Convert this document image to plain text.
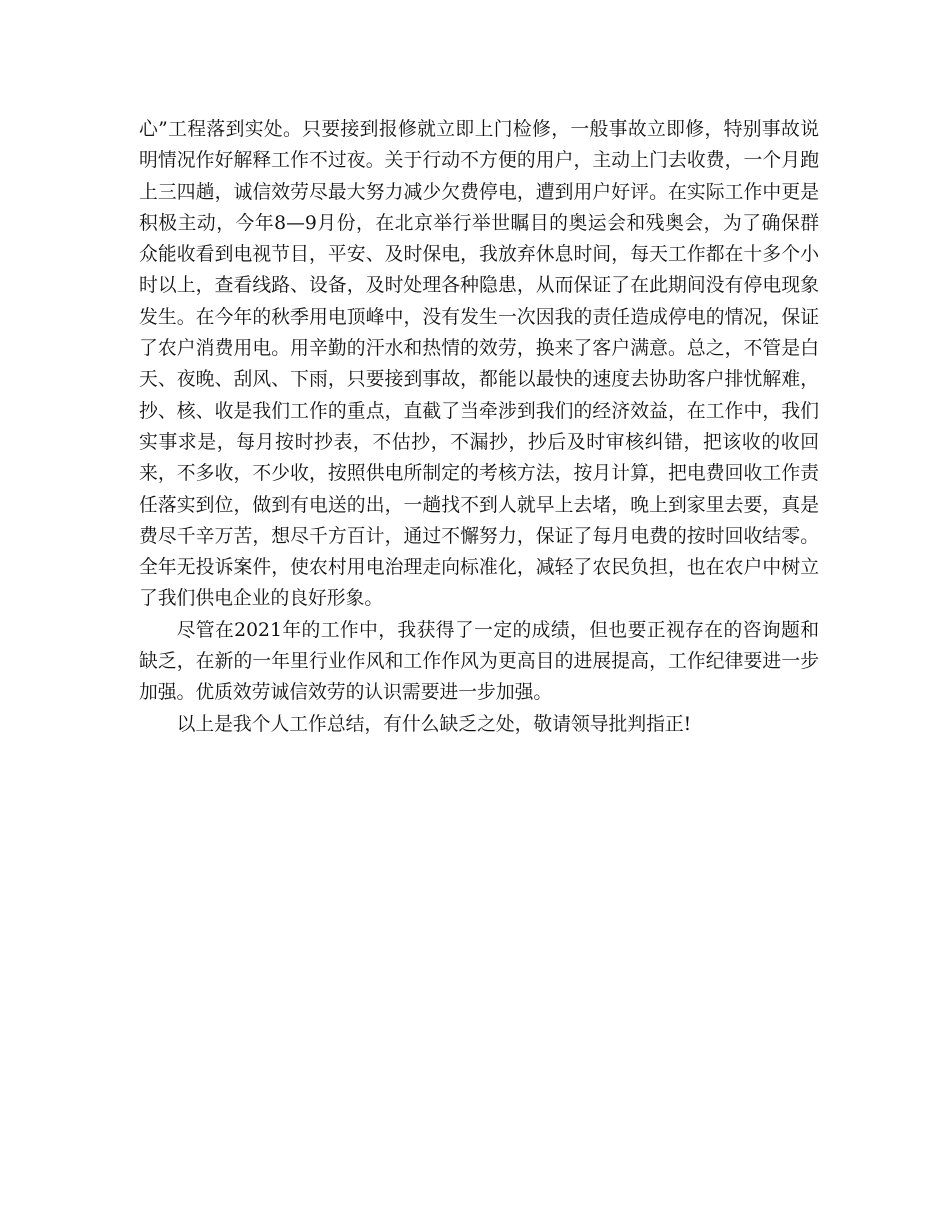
心”工程落到实处。只要接到报修就立即上门检修，一般事故立即修，特别事故说明情况作好解释工作不过夜。关于行动不方便的用户，主动上门去收费，一个月跑上三四趟，诚信效劳尽最大努力减少欠费停电，遭到用户好评。在实际工作中更是积极主动，今年8—9月份，在北京举行举世瞩目的奥运会和残奥会，为了确保群众能收看到电视节目，平安、及时保电，我放弃休息时间，每天工作都在十多个小时以上，查看线路、设备，及时处理各种隐患，从而保证了在此期间没有停电现象发生。在今年的秋季用电顶峰中，没有发生一次因我的责任造成停电的情况，保证了农户消费用电。用辛勤的汗水和热情的效劳，换来了客户满意。总之，不管是白天、夜晚、刮风、下雨，只要接到事故，都能以最快的速度去协助客户排忧解难，抄、核、收是我们工作的重点，直截了当牵涉到我们的经济效益，在工作中，我们实事求是，每月按时抄表，不估抄，不漏抄，抄后及时审核纠错，把该收的收回来，不多收，不少收，按照供电所制定的考核方法，按月计算，把电费回收工作责任落实到位，做到有电送的出，一趟找不到人就早上去堵，晚上到家里去要，真是费尽千辛万苦，想尽千方百计，通过不懈努力，保证了每月电费的按时回收结零。全年无投诉案件，使农村用电治理走向标准化，减轻了农民负担，也在农户中树立了我们供电企业的良好形象。

尽管在2021年的工作中，我获得了一定的成绩，但也要正视存在的咨询题和缺乏，在新的一年里行业作风和工作作风为更高目的进展提高，工作纪律要进一步加强。优质效劳诚信效劳的认识需要进一步加强。

以上是我个人工作总结，有什么缺乏之处，敬请领导批判指正!
